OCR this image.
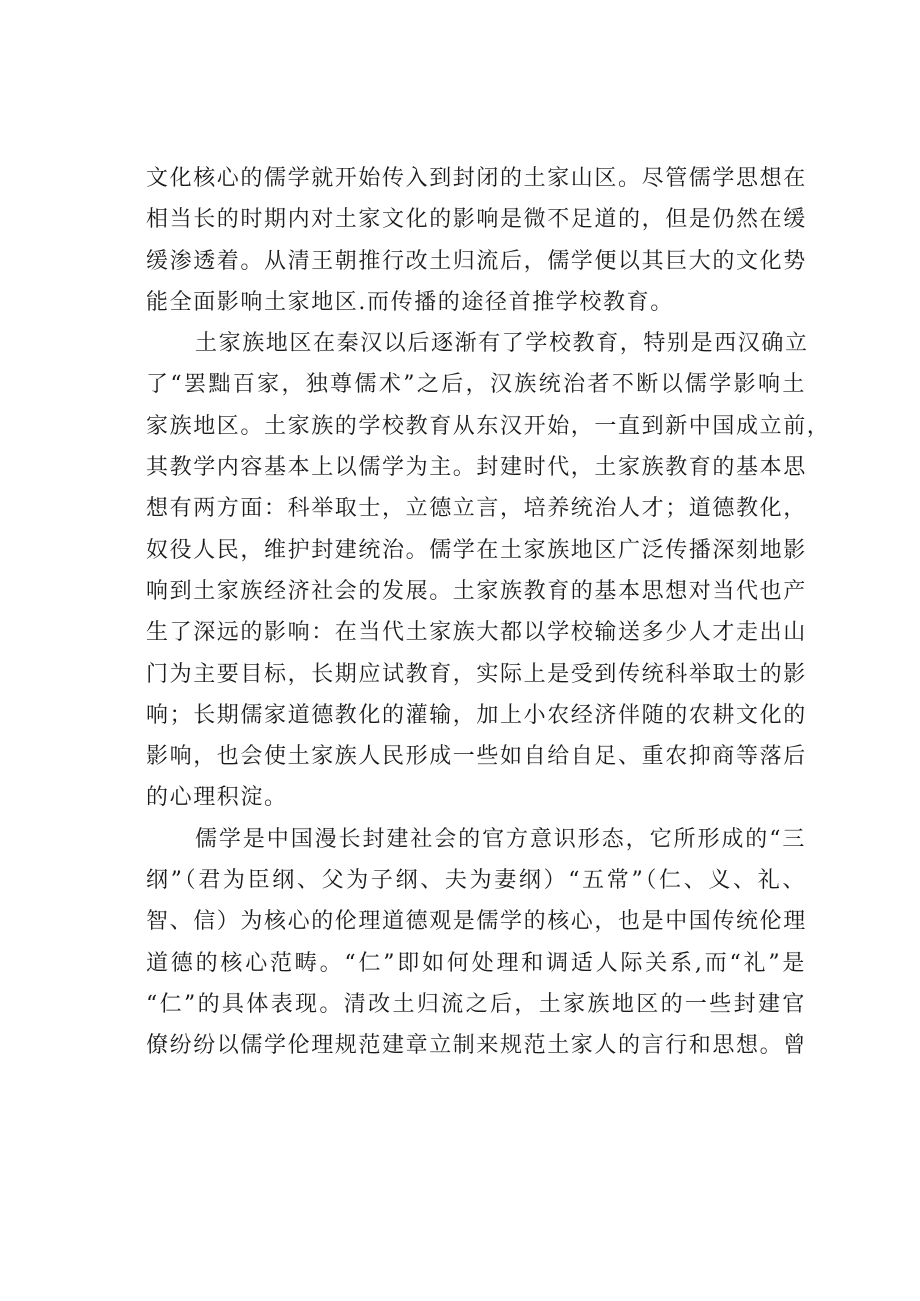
文化核心的儒学就开始传入到封闭的土家山区。尽管儒学思想在
相当长的时期内对土家文化的影响是微不足道的，但是仍然在缓
缓渗透着。从清王朝推行改土归流后，儒学便以其巨大的文化势
能全面影响土家地区.而传播的途径首推学校教育。
土家族地区在秦汉以后逐渐有了学校教育，特别是西汉确立
了“罢黜百家，独尊儒术”之后，汉族统治者不断以儒学影响土
家族地区。土家族的学校教育从东汉开始，一直到新中国成立前，
其教学内容基本上以儒学为主。封建时代，土家族教育的基本思
想有两方面：科举取士，立德立言，培养统治人才；道德教化，
奴役人民，维护封建统治。儒学在土家族地区广泛传播深刻地影
响到土家族经济社会的发展。土家族教育的基本思想对当代也产
生了深远的影响：在当代土家族大都以学校输送多少人才走出山
门为主要目标，长期应试教育，实际上是受到传统科举取士的影
响；长期儒家道德教化的灌输，加上小农经济伴随的农耕文化的
影响，也会使土家族人民形成一些如自给自足、重农抑商等落后
的心理积淀。
儒学是中国漫长封建社会的官方意识形态，它所形成的“三
纲”（君为臣纲、父为子纲、夫为妻纲）“五常”（仁、义、礼、
智、信）为核心的伦理道德观是儒学的核心，也是中国传统伦理
道德的核心范畴。“仁”即如何处理和调适人际关系,而“礼”是
“仁”的具体表现。清改土归流之后，土家族地区的一些封建官
僚纷纷以儒学伦理规范建章立制来规范土家人的言行和思想。曾
